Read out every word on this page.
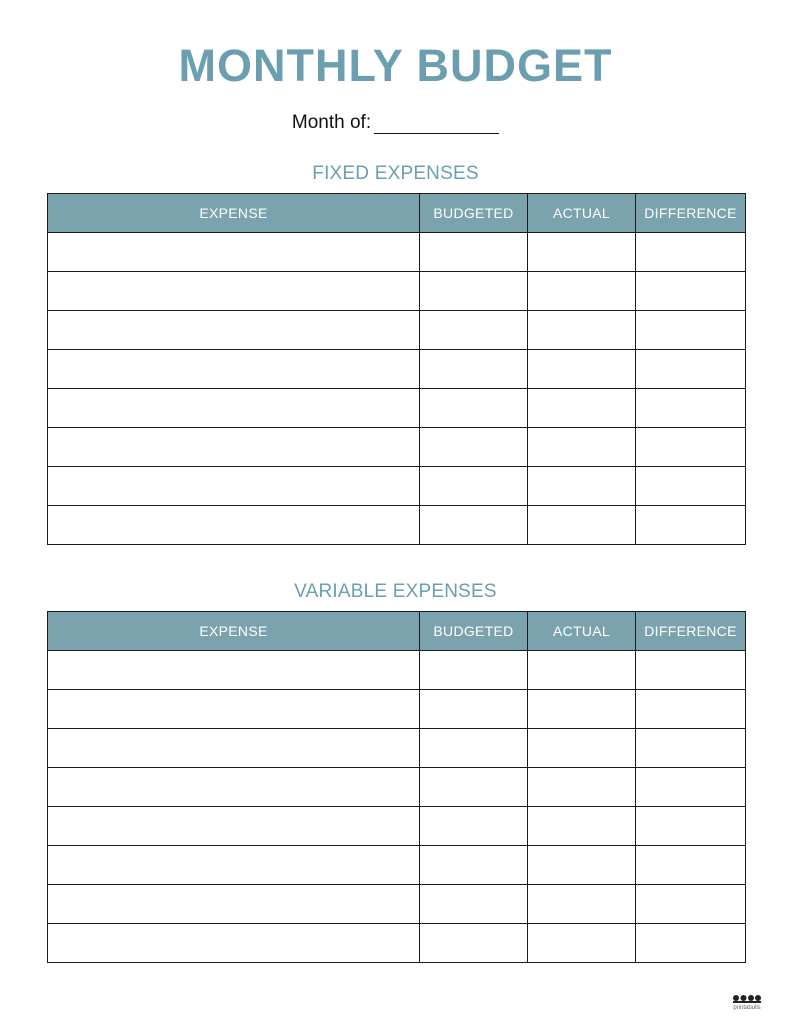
MONTHLY BUDGET
Month of:
FIXED EXPENSES
EXPENSE	BUDGETED	ACTUAL	DIFFERENCE

VARIABLE EXPENSES
EXPENSE	BUDGETED	ACTUAL	DIFFERENCE

printabulls
